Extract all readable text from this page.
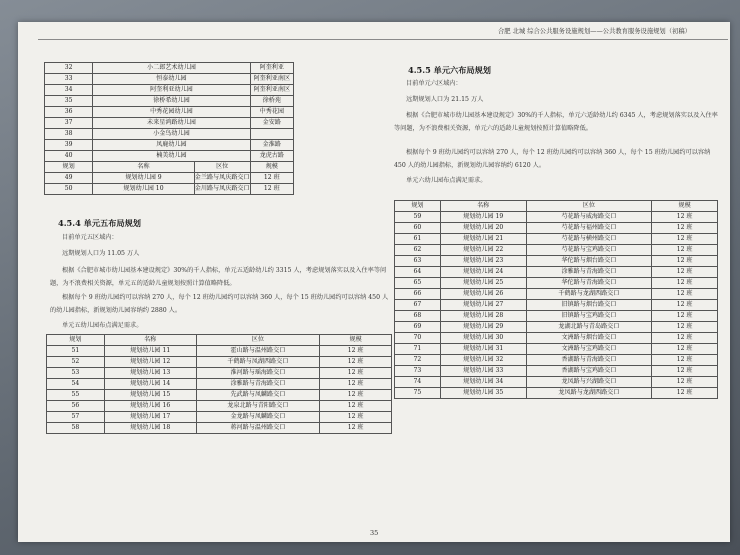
合肥 北城 综合公共服务设施规划——公共教育服务设施规划（初稿）
32	小二郎艺术幼儿园		阿奎利亚
33	恒泰幼儿园		阿奎利亚南区
34	阿奎利亚幼儿园		阿奎利亚南区
35	徐桥希幼儿园		徐桥苑
36	中秀花园幼儿园		中秀花园
37	未来星鸿路幼儿园		金安路
38	小金鸟幼儿园		
39	凤鹿幼儿园		金淮路
40	楠美幼儿园		龙虎古路
规划	名称	区位	规模
49	规划幼儿园 9	金兰路与凤庆路交口	12 班
50	规划幼儿园 10	金川路与凤庆路交口	12 班
4.5.4 单元五布局规划
目前单元五区域内：
远期规划人口为 11.05 万人
根据《合肥市城市幼儿园基本建设规定》30%的千人指标，单元五适龄幼儿约 3315 人，考虑规划落实以及入住率等问题，为不浪费相关资源，单元五的适龄儿童规划按照计算值略降低。
根据每个 9 班幼儿园约可以容纳 270 人，每个 12 班幼儿园约可以容纳 360 人，每个 15 班幼儿园约可以容纳 450 人的幼儿园指标，新规划幼儿园容纳约 2880 人。
单元五幼儿园布点满足需求。
规划	名称	区位	规模
51	规划幼儿园 11	霍山路与温州路交口	12 班
52	规划幼儿园 12	千鹤路与凤湖西路交口	12 班
53	规划幼儿园 13	淮河路与瑶海路交口	12 班
54	规划幼儿园 14	涂雅路与青海路交口	12 班
55	规划幼儿园 15	先武路与凤麟路交口	12 班
56	规划幼儿园 16	龙泉北路与青阳路交口	12 班
57	规划幼儿园 17	金龙路与凤麟路交口	12 班
58	规划幼儿园 18	蒋河路与温州路交口	12 班
4.5.5 单元六布局规划
目前单元六区域内：
远期规划人口为 21.15 万人
根据《合肥市城市幼儿园基本建设规定》30%的千人指标，单元六适龄幼儿约 6345 人，考虑规划落实以及入住率等问题，为不浪费相关资源，单元六的适龄儿童规划按照计算值略降低。
根据每个 9 班幼儿园约可以容纳 270 人，每个 12 班幼儿园约可以容纳 360 人，每个 15 班幼儿园约可以容纳 450 人的幼儿园指标，新规划幼儿园容纳约 6120 人。
单元六幼儿园布点满足需求。
规划	名称	区位	规模
59	规划幼儿园 19	芍花路与威海路交口	12 班
60	规划幼儿园 20	芍花路与福州路交口	12 班
61	规划幼儿园 21	芍花路与横州路交口	12 班
62	规划幼儿园 22	芍花路与宝鸡路交口	12 班
63	规划幼儿园 23	华佗路与烟台路交口	12 班
64	规划幼儿园 24	涂雅路与青海路交口	12 班
65	规划幼儿园 25	华佗路与青海路交口	12 班
66	规划幼儿园 26	千鹤路与龙湖西路交口	12 班
67	规划幼儿园 27	旧镇路与烟台路交口	12 班
68	规划幼儿园 28	旧镇路与宝鸡路交口	12 班
69	规划幼儿园 29	龙湖北路与青岛路交口	12 班
70	规划幼儿园 30	文洲路与烟台路交口	12 班
71	规划幼儿园 31	文洲路与宝鸡路交口	12 班
72	规划幼儿园 32	香湖路与青海路交口	12 班
73	规划幼儿园 33	香湖路与宝鸡路交口	12 班
74	规划幼儿园 34	龙凤路与兴湖路交口	12 班
75	规划幼儿园 35	龙凤路与龙湖西路交口	12 班
35
